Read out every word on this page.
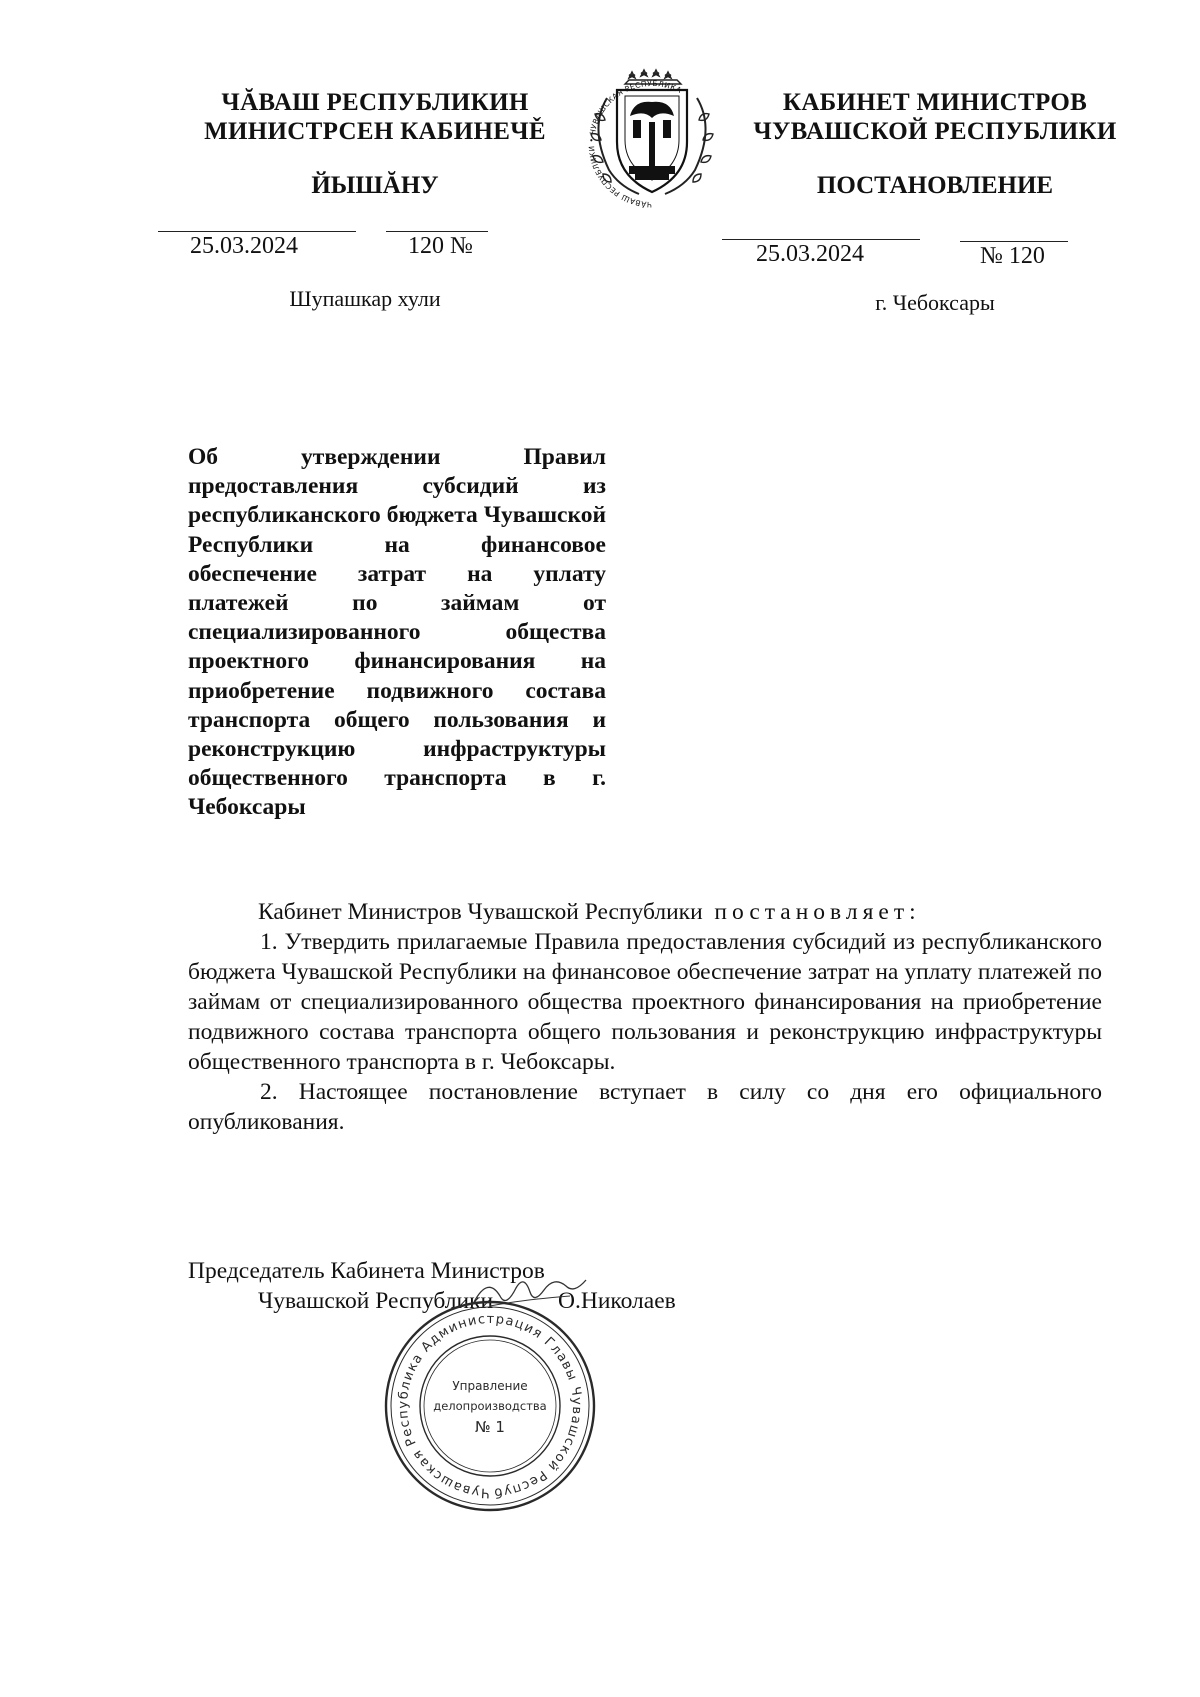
ЧĂВАШ РЕСПУБЛИКИН
МИНИСТРСЕН КАБИНЕЧĚ
ЙЫШĂНУ
25.03.2024	120 №
Шупашкар хули
ЧĂВАШ РЕСПУБЛИКИ • ЧУВАШСКАЯ РЕСПУБЛИКА	КАБИНЕТ МИНИСТРОВ
ЧУВАШСКОЙ РЕСПУБЛИКИ
ПОСТАНОВЛЕНИЕ
25.03.2024	№ 120
г. Чебоксары

Об утверждении Правил предоставления субсидий из республиканского бюджета Чувашской Республики на финансовое обеспечение затрат на уплату платежей по займам от специализированного общества проектного финансирования на приобретение подвижного состава транспорта общего пользования и реконструкцию инфраструктуры общественного транспорта в г. Чебоксары

Кабинет Министров Чувашской Республики постановляет:

1. Утвердить прилагаемые Правила предоставления субсидий из республиканского бюджета Чувашской Республики на финансовое обеспечение затрат на уплату платежей по займам от специализированного общества проектного финансирования на приобретение подвижного состава транспорта общего пользования и реконструкцию инфраструктуры общественного транспорта в г. Чебоксары.

2. Настоящее постановление вступает в силу со дня его официального опубликования.

Председатель Кабинета Министров
Чувашской Республики	О.Николаев
Чувашская Республика Администрация Главы Чувашской Респуб
Управление
делопроизводства
№ 1
